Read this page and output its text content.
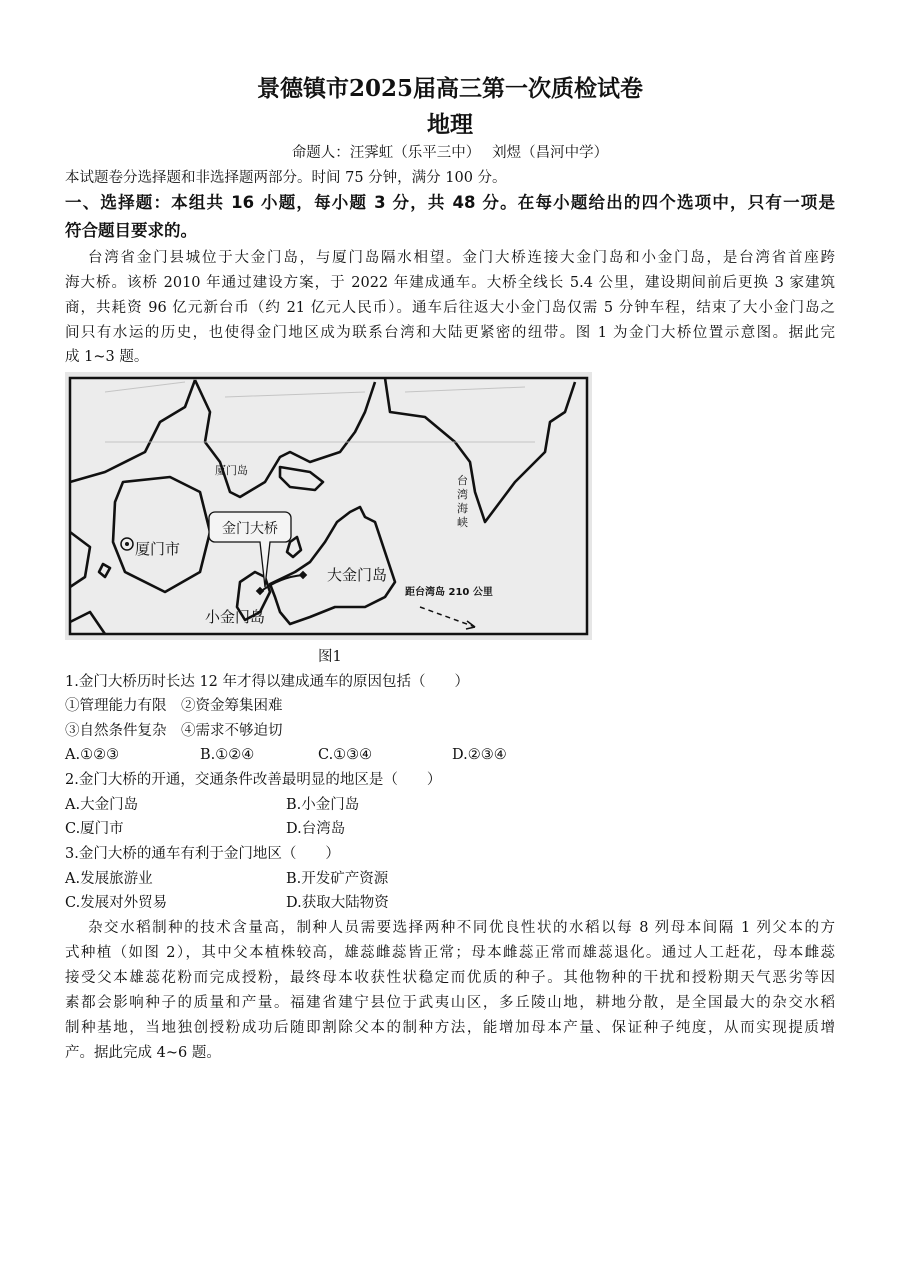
景德镇市2025届高三第一次质检试卷
地理
命题人：汪霁虹（乐平三中）　 刘煜（昌河中学）
本试题卷分选择题和非选择题两部分。时间 75 分钟，满分 100 分。
一、选择题：本组共 16 小题，每小题 3 分，共 48 分。在每小题给出的四个选项中，只有一项是
符合题目要求的。
台湾省金门县城位于大金门岛，与厦门岛隔水相望。金门大桥连接大金门岛和小金门岛，是台湾省首座跨
海大桥。该桥 2010 年通过建设方案，于 2022 年建成通车。大桥全线长 5.4 公里，建设期间前后更换 3 家建筑
商，共耗资 96 亿元新台币（约 21 亿元人民币）。通车后往返大小金门岛仅需 5 分钟车程，结束了大小金门岛之
间只有水运的历史，也使得金门地区成为联系台湾和大陆更紧密的纽带。图 1 为金门大桥位置示意图。据此完
成 1~3 题。
厦门岛
厦门市
金门大桥
大金门岛
小金门岛
距台湾岛 210 公里
台
湾
海
峡
图1
1.金门大桥历时长达 12 年才得以建成通车的原因包括（　　）
①管理能力有限　②资金筹集困难
③自然条件复杂　④需求不够迫切
A.①②③	B.①②④	C.①③④	D.②③④
2.金门大桥的开通，交通条件改善最明显的地区是（　　）
A.大金门岛	B.小金门岛
C.厦门市	D.台湾岛
3.金门大桥的通车有利于金门地区（　　）
A.发展旅游业	B.开发矿产资源
C.发展对外贸易	D.获取大陆物资
杂交水稻制种的技术含量高，制种人员需要选择两种不同优良性状的水稻以每 8 列母本间隔 1 列父本的方
式种植（如图 2），其中父本植株较高，雄蕊雌蕊皆正常；母本雌蕊正常而雄蕊退化。通过人工赶花，母本雌蕊
接受父本雄蕊花粉而完成授粉，最终母本收获性状稳定而优质的种子。其他物种的干扰和授粉期天气恶劣等因
素都会影响种子的质量和产量。福建省建宁县位于武夷山区，多丘陵山地，耕地分散，是全国最大的杂交水稻
制种基地，当地独创授粉成功后随即割除父本的制种方法，能增加母本产量、保证种子纯度，从而实现提质增
产。据此完成 4~6 题。
